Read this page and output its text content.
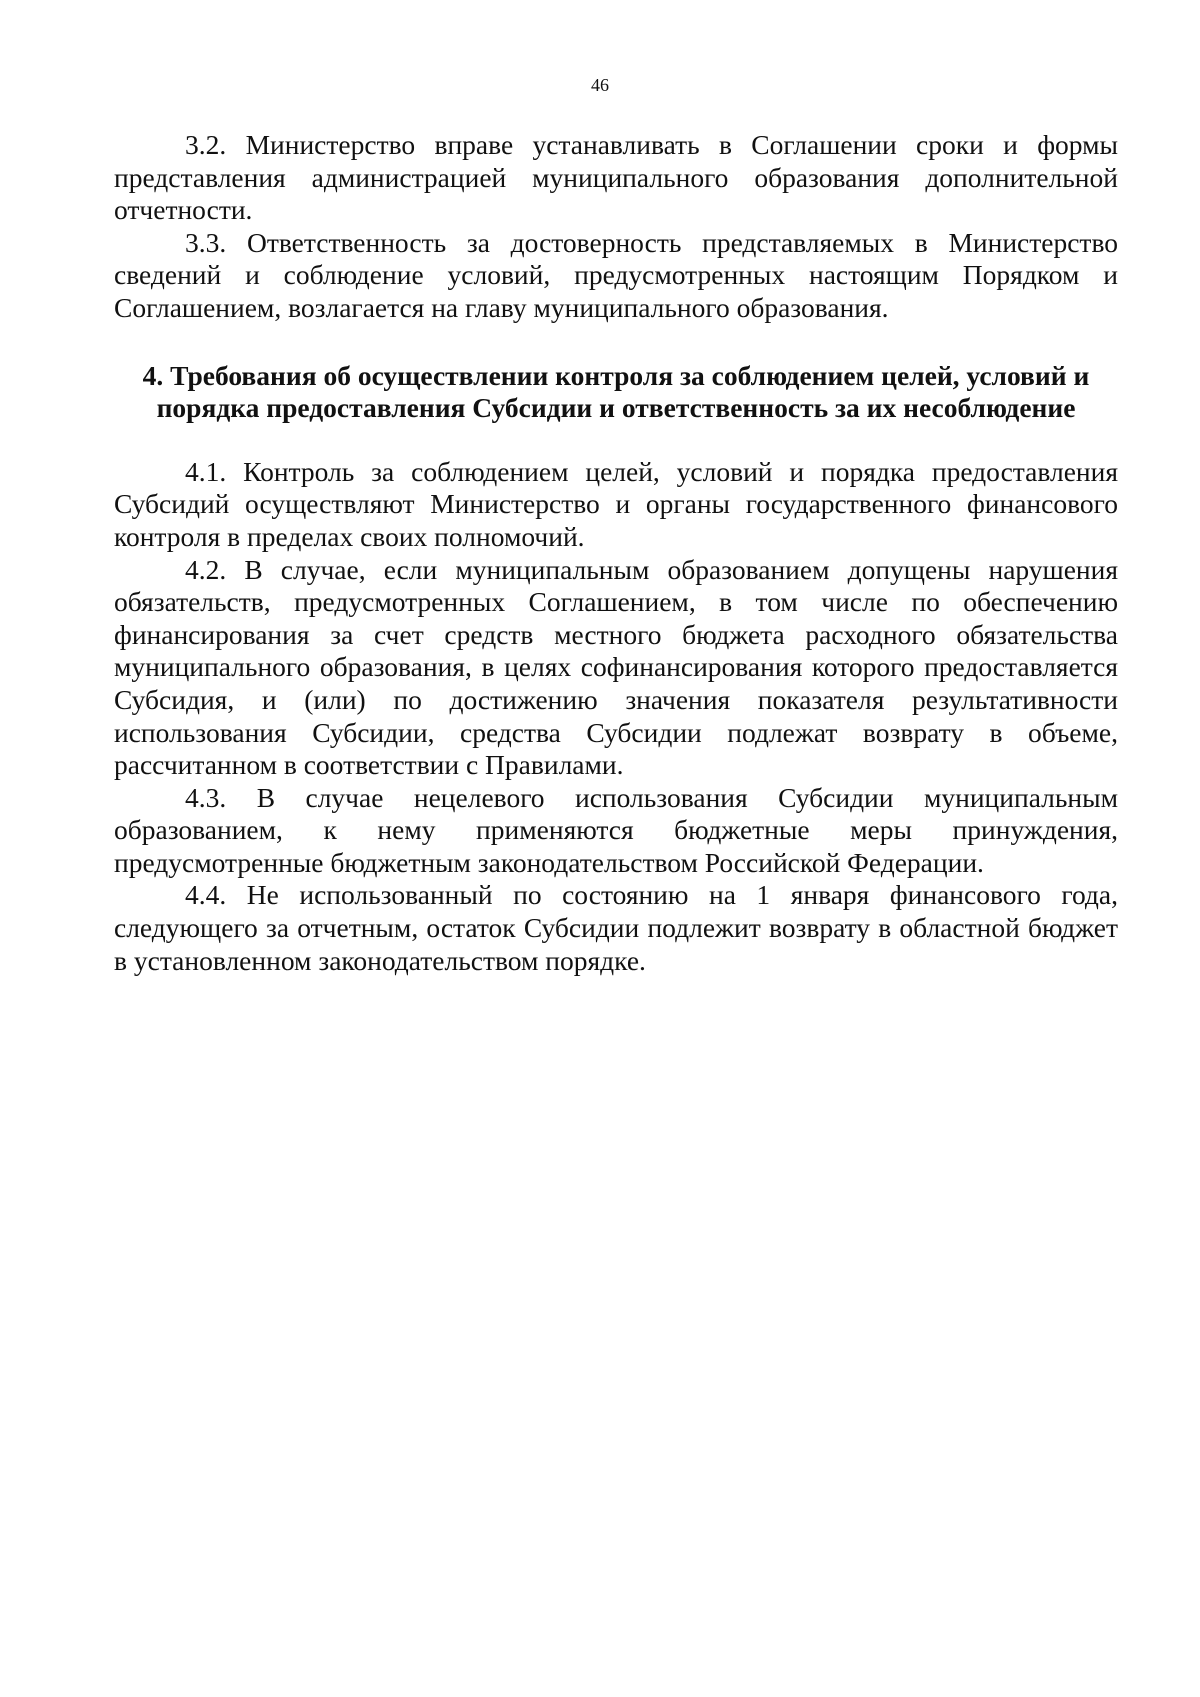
46

3.2. Министерство вправе устанавливать в Соглашении сроки и формы представления администрацией муниципального образования дополнительной отчетности.

3.3. Ответственность за достоверность представляемых в Министерство сведений и соблюдение условий, предусмотренных настоящим Порядком и Соглашением, возлагается на главу муниципального образования.

4. Требования об осуществлении контроля за соблюдением целей, условий и
порядка предоставления Субсидии и ответственность за их несоблюдение

4.1. Контроль за соблюдением целей, условий и порядка предоставления Субсидий осуществляют Министерство и органы государственного финансового контроля в пределах своих полномочий.

4.2. В случае, если муниципальным образованием допущены нарушения обязательств, предусмотренных Соглашением, в том числе по обеспечению финансирования за счет средств местного бюджета расходного обязательства муниципального образования, в целях софинансирования которого предоставляется Субсидия, и (или) по достижению значения показателя результативности использования Субсидии, средства Субсидии подлежат возврату в объеме, рассчитанном в соответствии с Правилами.

4.3. В случае нецелевого использования Субсидии муниципальным образованием, к нему применяются бюджетные меры принуждения, предусмотренные бюджетным законодательством Российской Федерации.

4.4. Не использованный по состоянию на 1 января финансового года, следующего за отчетным, остаток Субсидии подлежит возврату в областной бюджет в установленном законодательством порядке.
